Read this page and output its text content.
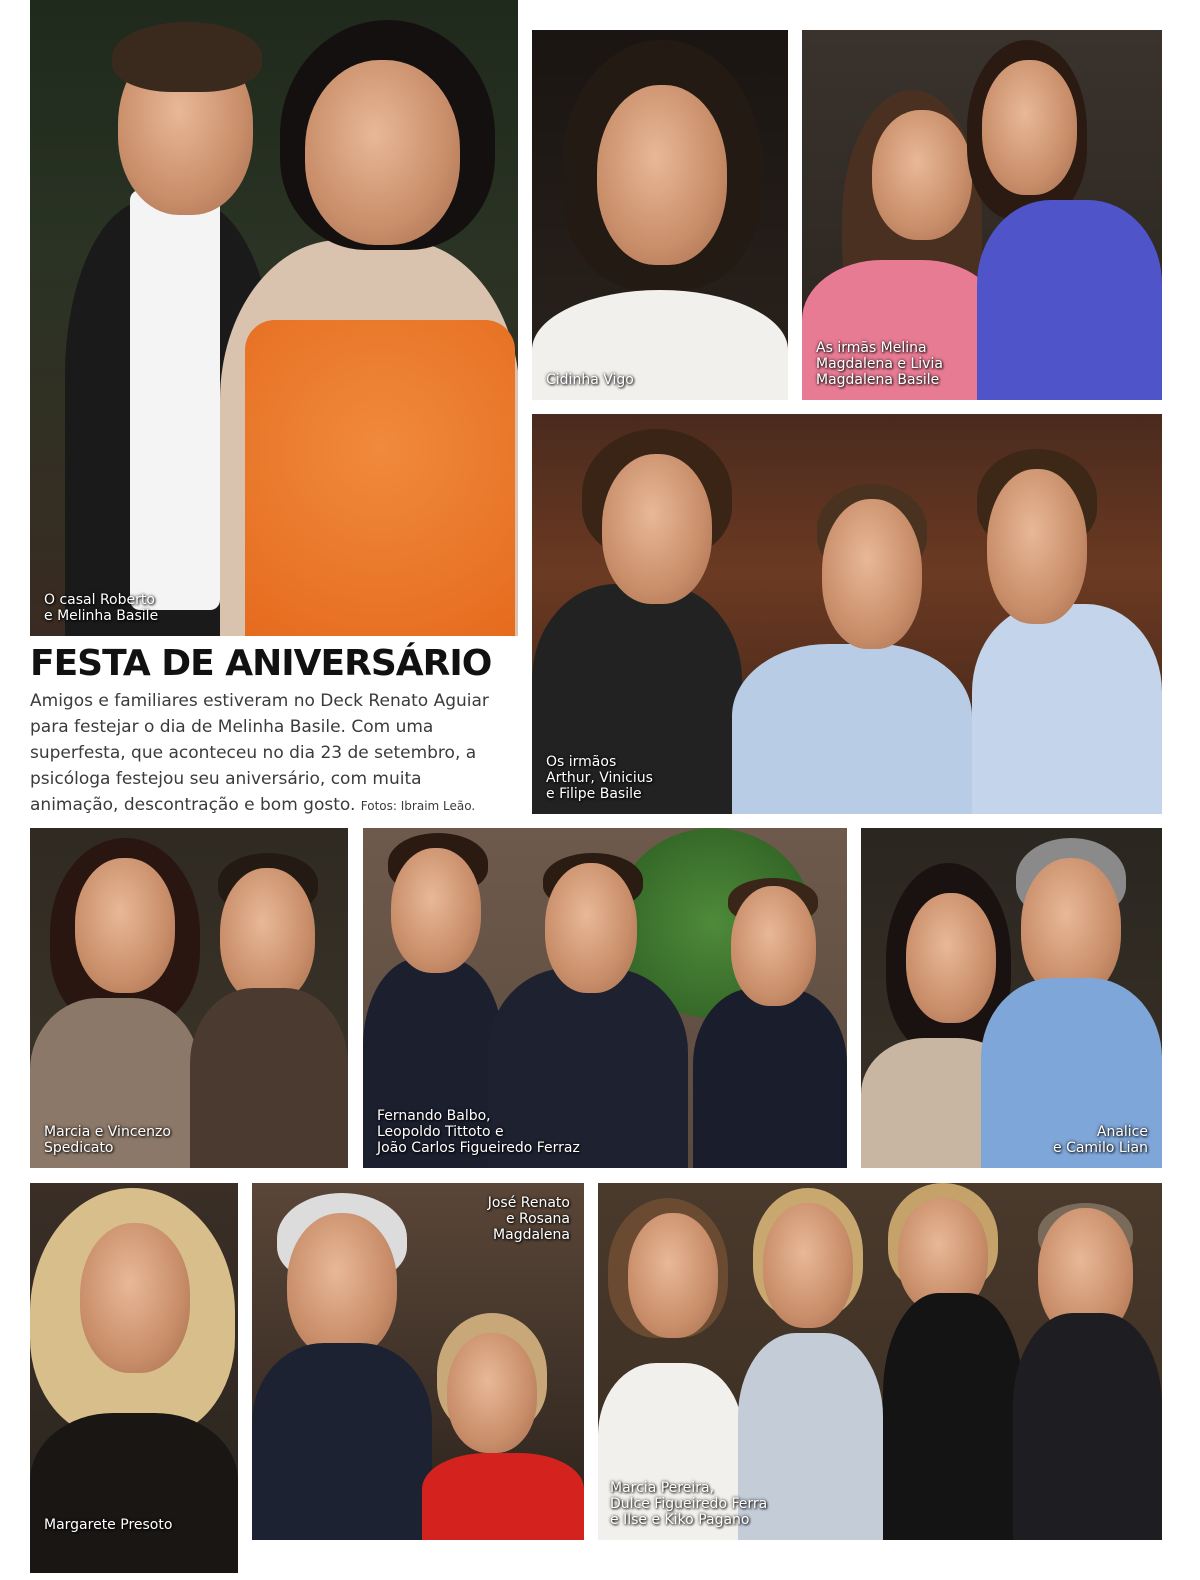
O casal Roberto
e Melinha Basile
Cidinha Vigo
As irmãs Melina
Magdalena e Livia
Magdalena Basile
FESTA DE ANIVERSÁRIO
Amigos e familiares estiveram no Deck Renato Aguiar para festejar o dia de Melinha Basile. Com uma superfesta, que aconteceu no dia 23 de setembro, a psicóloga festejou seu aniversário, com muita animação, descontração e bom gosto. Fotos: Ibraim Leão.
Os irmãos
Arthur, Vinicius
e Filipe Basile
Marcia e Vincenzo
Spedicato
Fernando Balbo,
Leopoldo Tittoto e
João Carlos Figueiredo Ferraz
Analice
e Camilo Lian
Margarete Presoto
José Renato
e Rosana
Magdalena
Marcia Pereira,
Dulce Figueiredo Ferra
e Ilse e Kiko Pagano
